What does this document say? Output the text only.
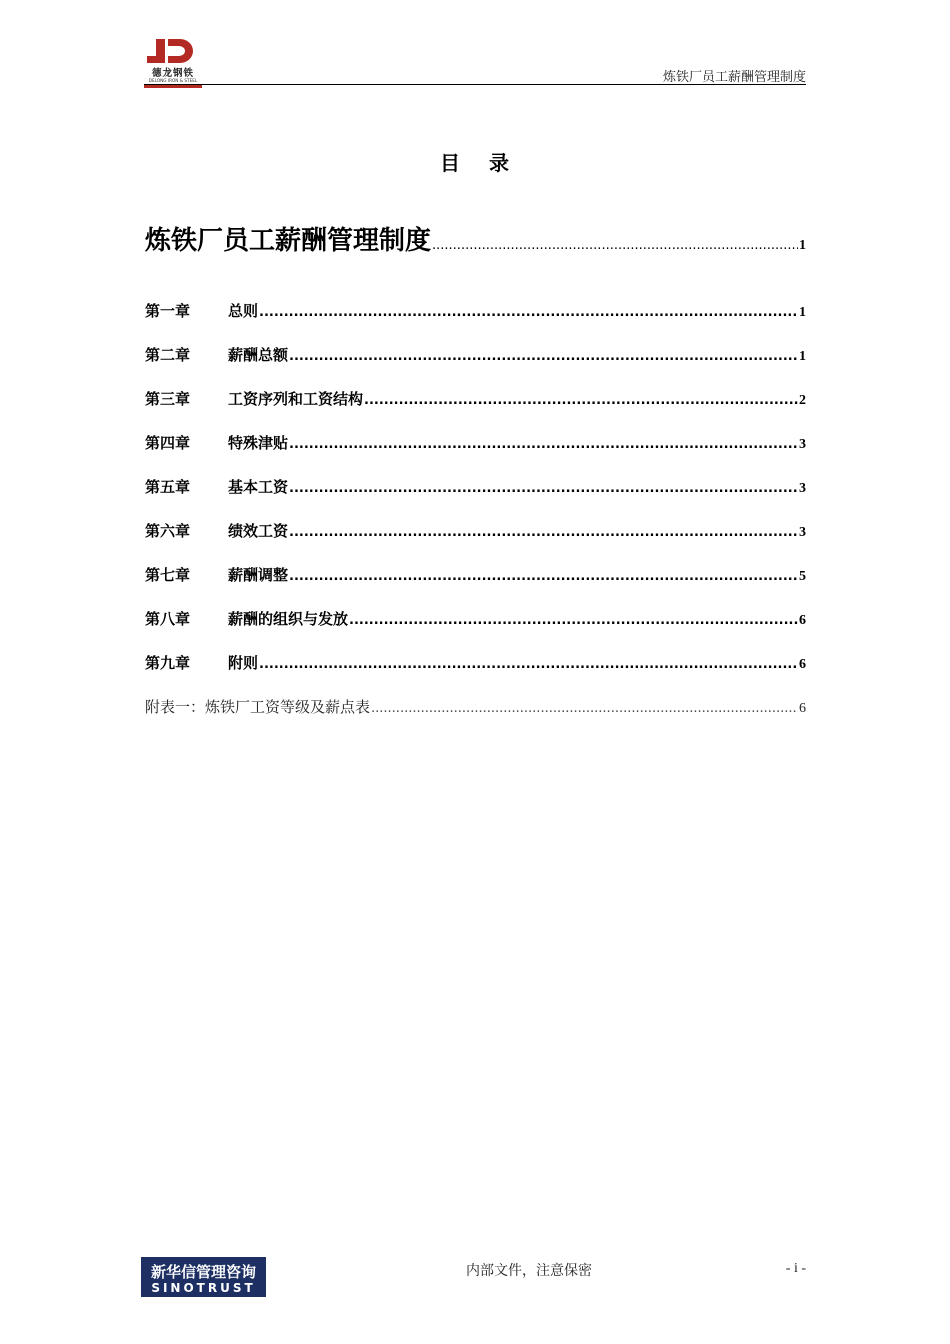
德龙钢铁
DELONG IRON & STEEL	炼铁厂员工薪酬管理制度
目 录
炼铁厂员工薪酬管理制度 .....	1
第一章	总则 .....	1
第二章	薪酬总额 .....	1
第三章	工资序列和工资结构 .....	2
第四章	特殊津贴 .....	3
第五章	基本工资 .....	3
第六章	绩效工资 .....	3
第七章	薪酬调整 .....	5
第八章	薪酬的组织与发放 .....	6
第九章	附则 .....	6
附表一：炼铁厂工资等级及薪点表 .....	6
新华信管理咨询
SINOTRUST
内部文件，注意保密	- i -
